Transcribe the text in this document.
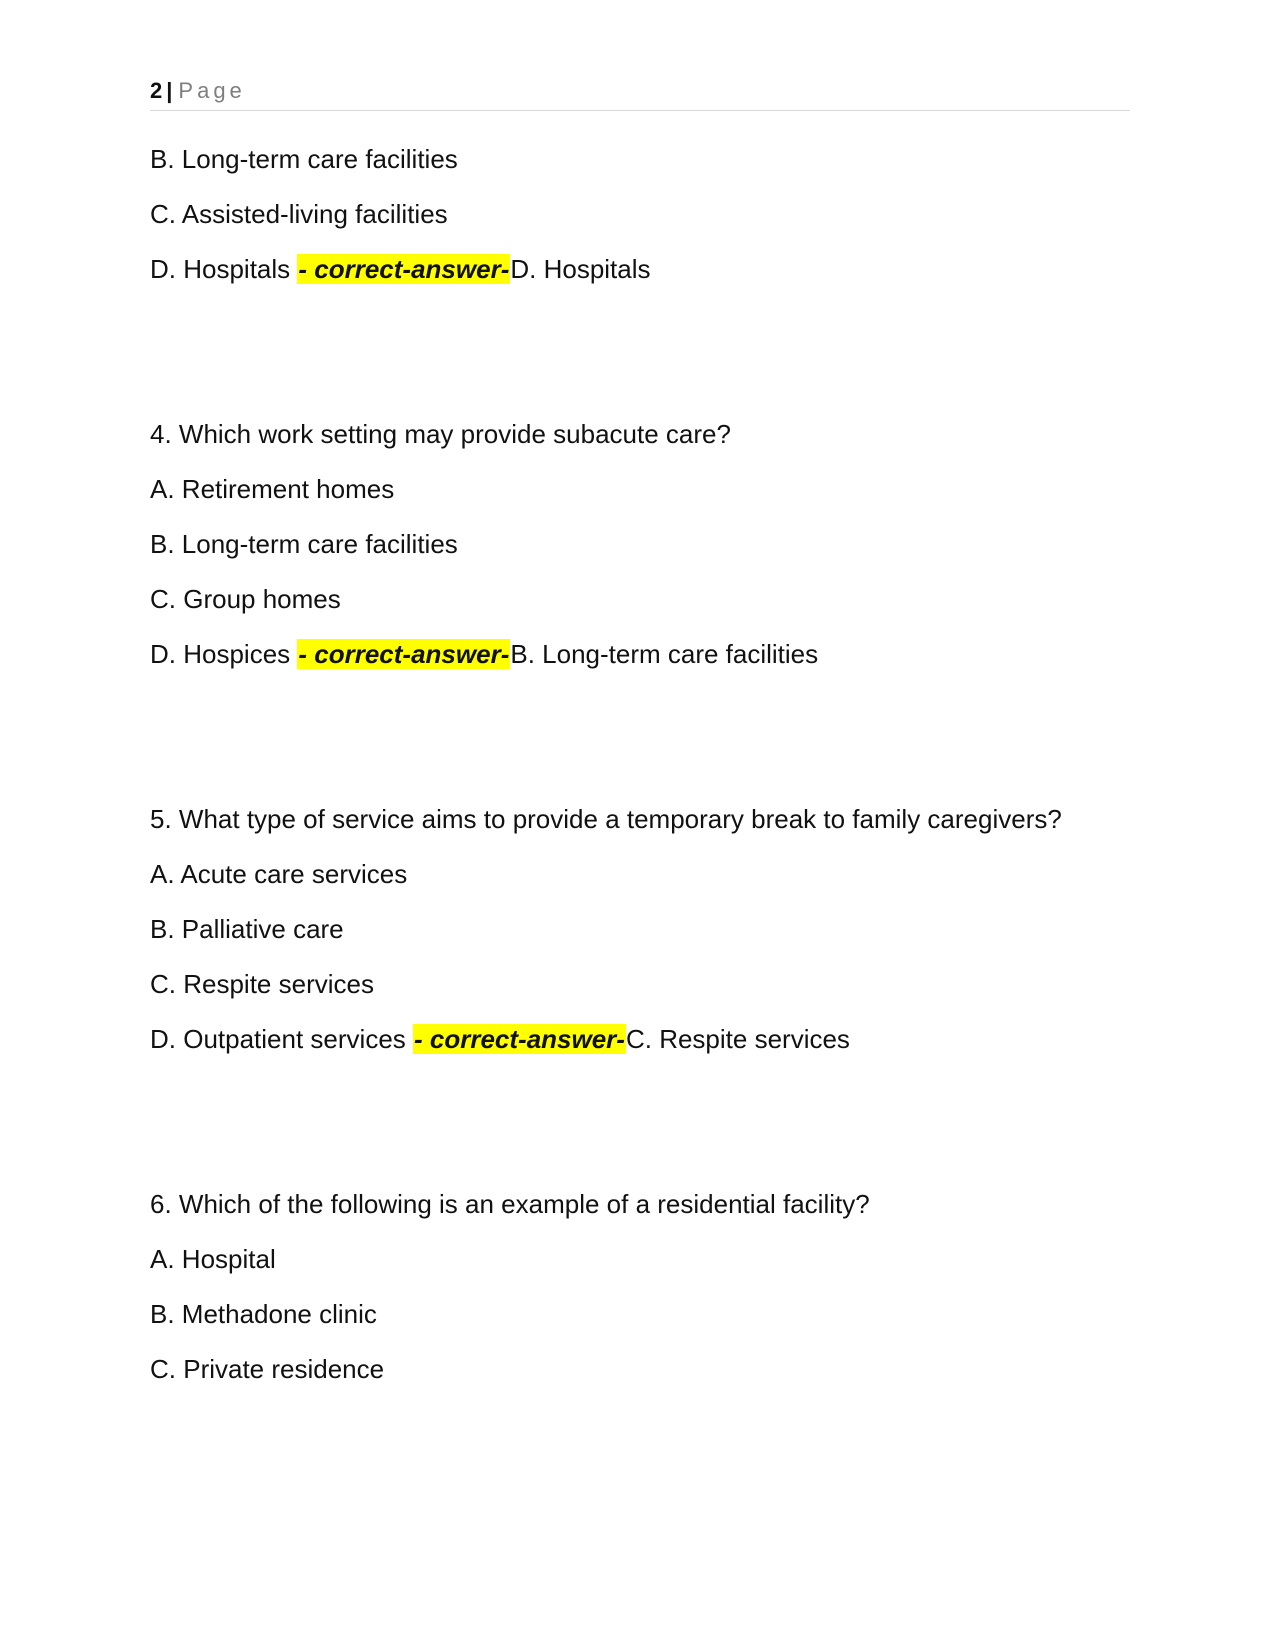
2 | Page
B. Long-term care facilities
C. Assisted-living facilities
D. Hospitals - correct-answer-D. Hospitals
4. Which work setting may provide subacute care?
A. Retirement homes
B. Long-term care facilities
C. Group homes
D. Hospices - correct-answer-B. Long-term care facilities
5. What type of service aims to provide a temporary break to family caregivers?
A. Acute care services
B. Palliative care
C. Respite services
D. Outpatient services - correct-answer-C. Respite services
6. Which of the following is an example of a residential facility?
A. Hospital
B. Methadone clinic
C. Private residence
